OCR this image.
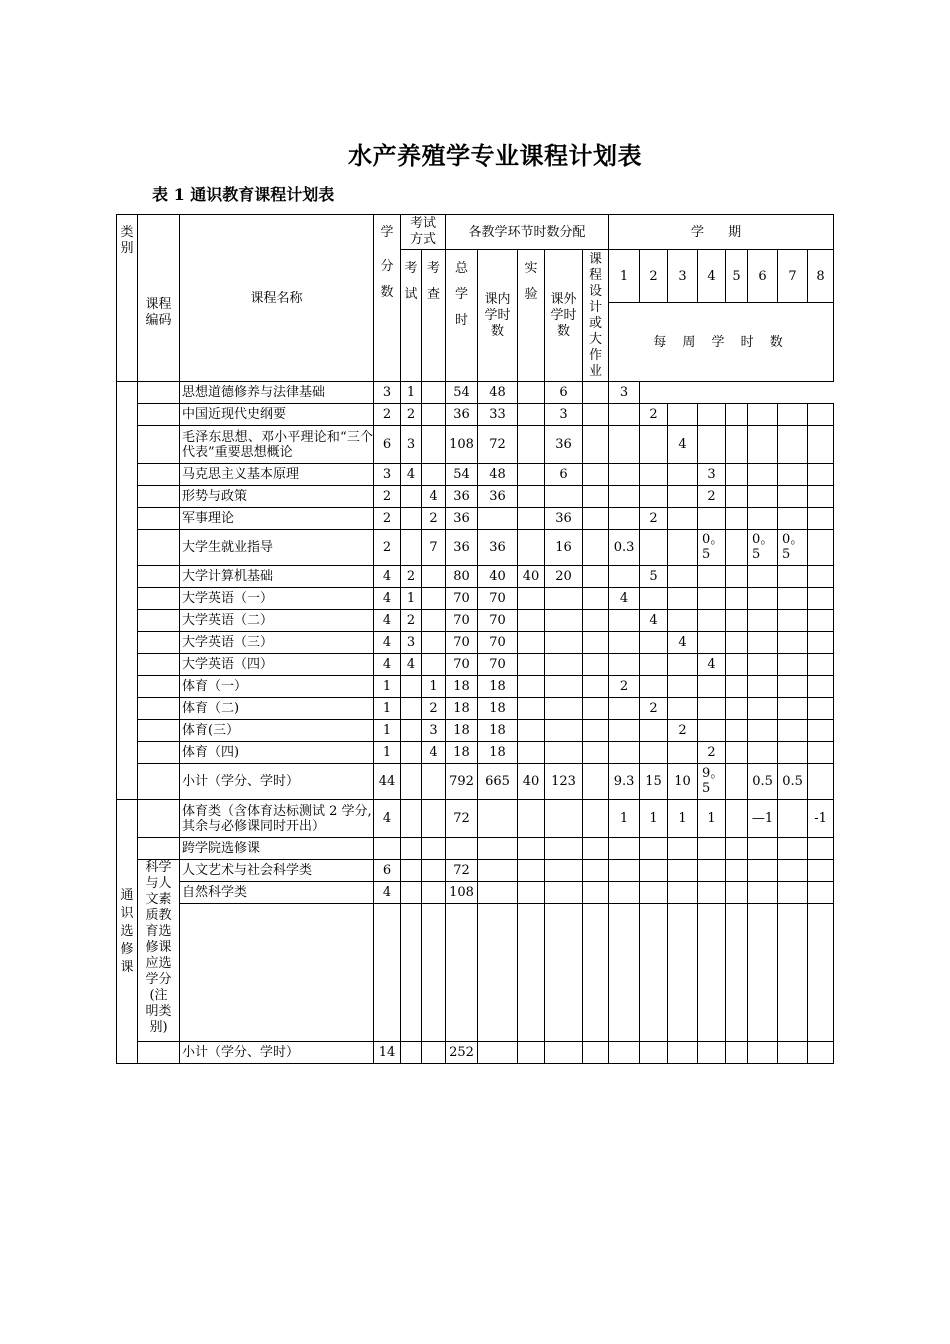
水产养殖学专业课程计划表
表 1 通识教育课程计划表
类别	课程编码	课程名称	学
分数	考试方式		各教学环节时数分配					学 期							
				考试	考查	总学时	课内学时数	实验	课外学时数	课程设计或大作业	1	2	3	4	5	6	7	8
											每 周 学 时 数							
		思想道德修养与法律基础	3	1		54	48		6		3							
		中国近现代史纲要	2	2		36	33		3			2						
		毛泽东思想、邓小平理论和“三个代表”重要思想概论	6	3		108	72		36				4					
		马克思主义基本原理	3	4		54	48		6					3				
		形势与政策	2		4	36	36							2				
		军事理论	2		2	36			36			2						
		大学生就业指导	2		7	36	36		16		0.3			0。5		0。5	0。5	
		大学计算机基础	4	2		80	40	40	20			5						
		大学英语（一）	4	1		70	70				4							
		大学英语（二）	4	2		70	70					4						
		大学英语（三）	4	3		70	70						4					
		大学英语（四）	4	4		70	70							4				
		体育（一）	1		1	18	18				2							
		体育（二)	1		2	18	18					2						
		体育(三）	1		3	18	18						2					
		体育（四)	1		4	18	18							2				
		小计（学分、学时）	44			792	665	40	123		9.3	15	10	9。5		0.5	0.5	
通识选修课		体育类（含体育达标测试 2 学分,其余与必修课同时开出）	4			72					1	1	1	1		—1		-1
		跨学院选修课																
	科学与人文素质教育选修课应选学分(注明类别)	人文艺术与社会科学类	6			72												
		自然科学类	4			108												

		小计（学分、学时）	14			252												
